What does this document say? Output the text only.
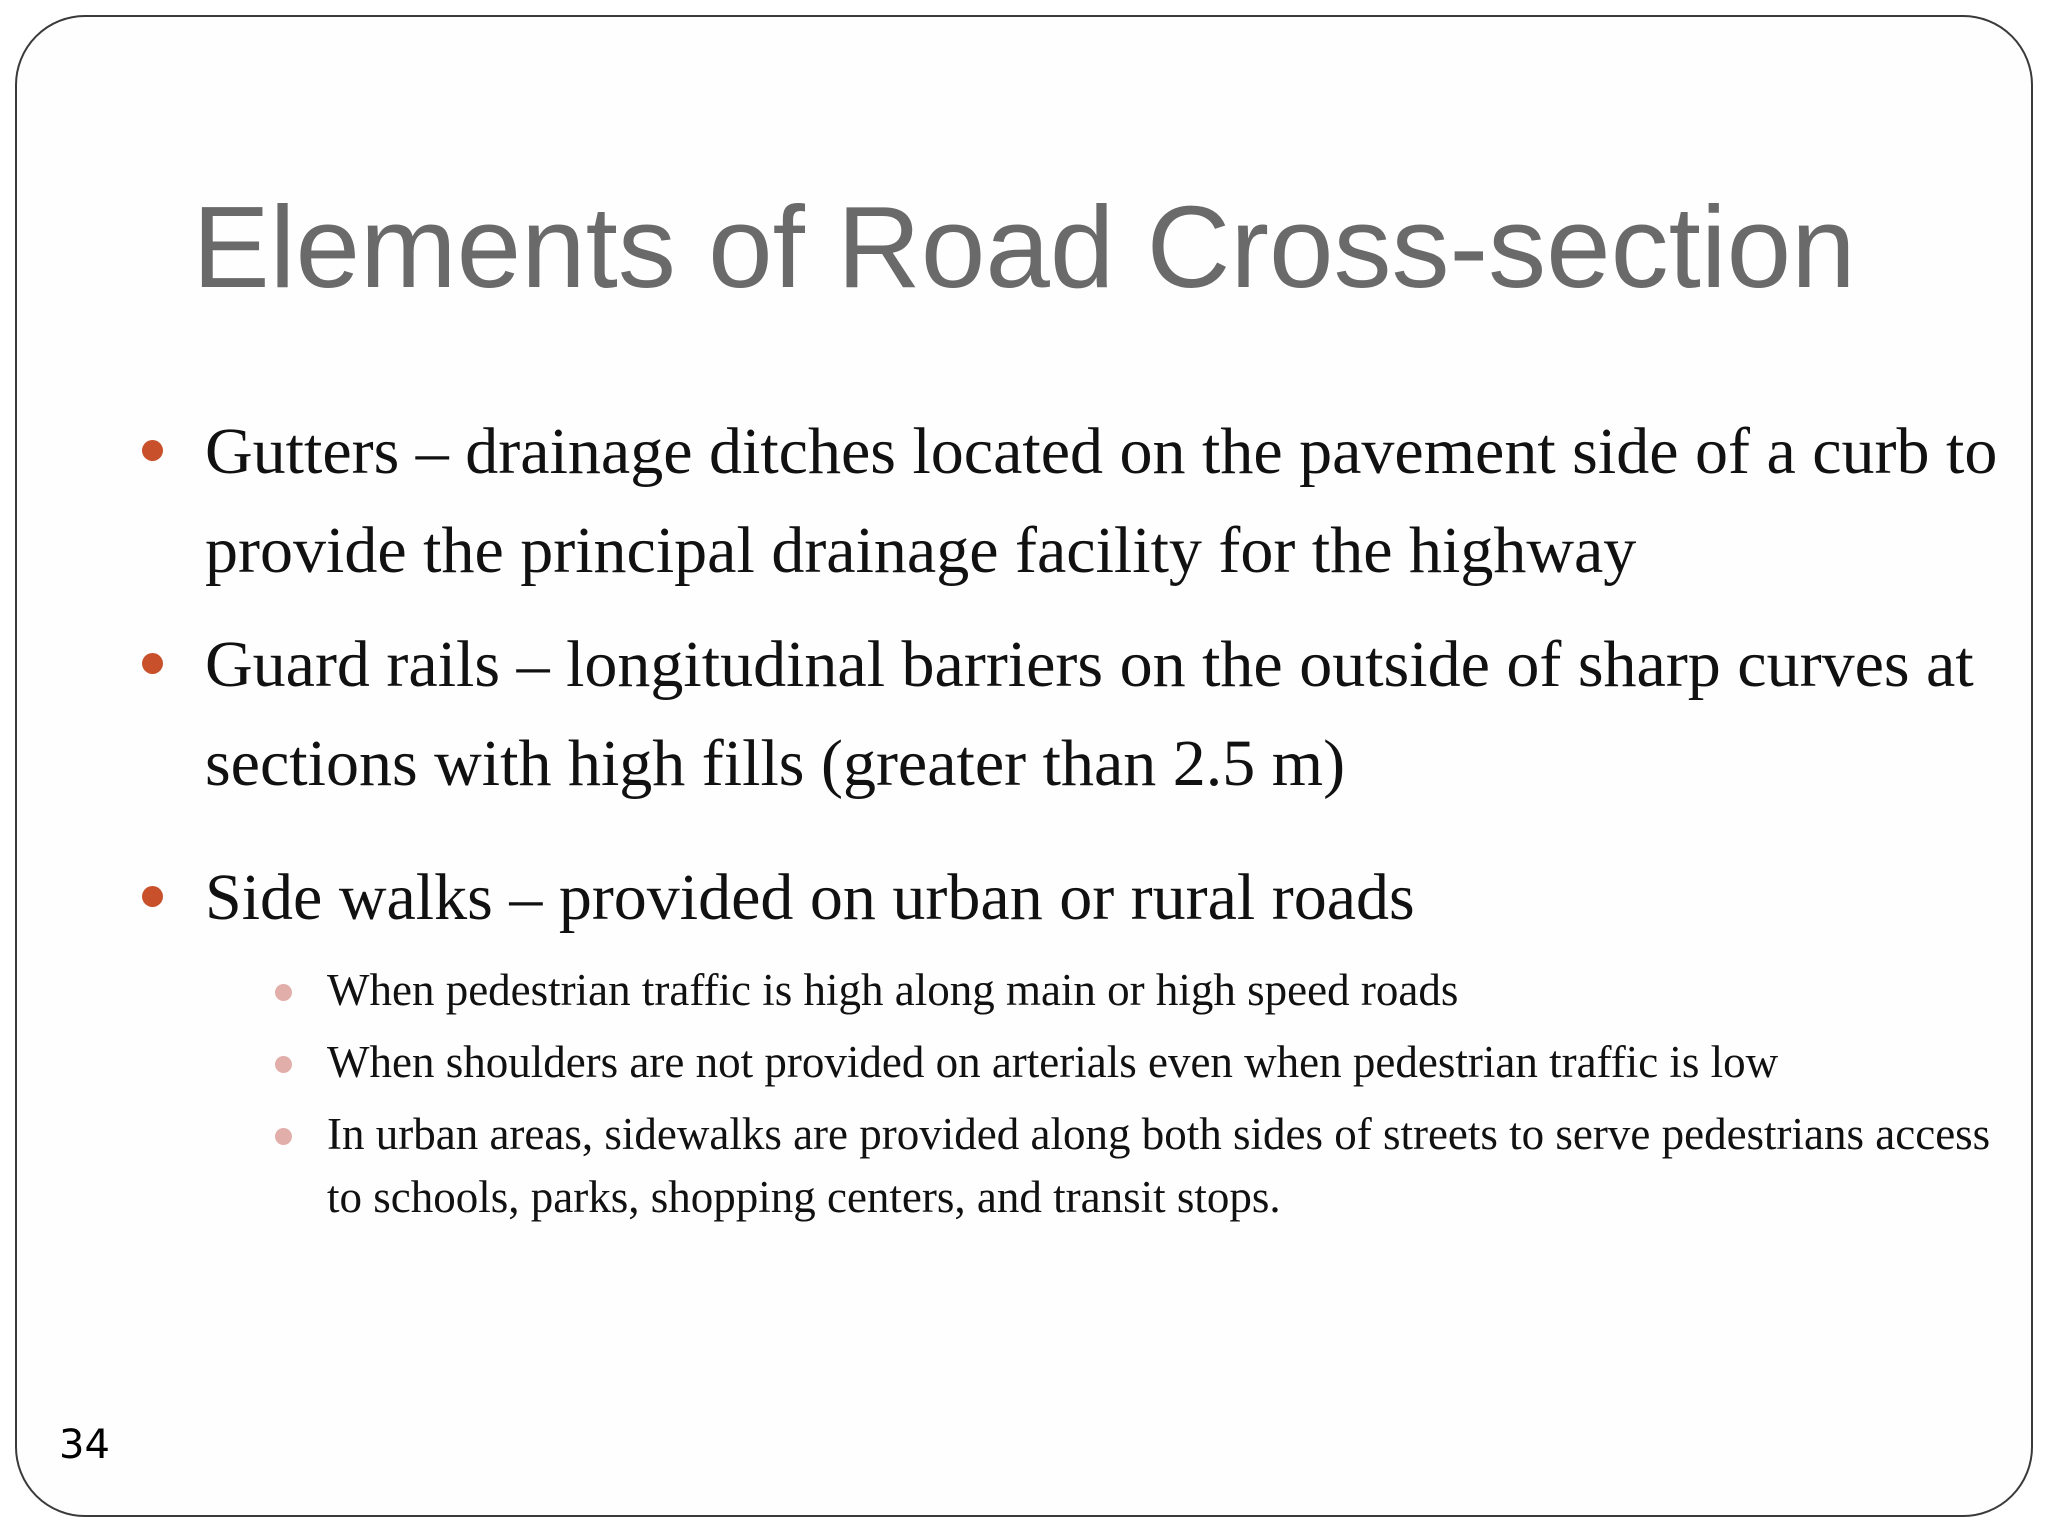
Elements of Road Cross-section
Gutters – drainage ditches located on the pavement side of a curb to provide the principal drainage facility for the highway
Guard rails – longitudinal barriers on the outside of sharp curves at sections with high fills (greater than 2.5 m)
Side walks – provided on urban or rural roads
When pedestrian traffic is high along main or high speed roads
When shoulders are not provided on arterials even when pedestrian traffic is low
In urban areas, sidewalks are provided along both sides of streets to serve pedestrians access to schools, parks, shopping centers, and transit stops.
34
